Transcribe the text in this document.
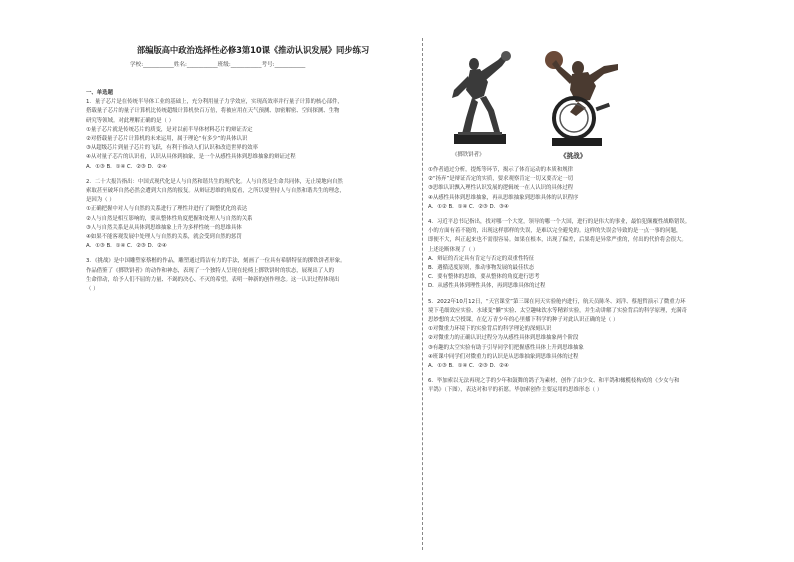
部编版高中政治选择性必修3第10课《推动认识发展》同步练习
学校:___________姓名:___________班级:___________考号:___________

一、单选题

1．量子芯片是在传统半导体工业的基础上，充分利用量子力学效应，实现高效率并行量子计算的核心部件，

搭载量子芯片的量子计算机比传统超级计算机快百万倍，将被应用在天气预测、加密解密、空间探测、生物

研究等领域。对此理解正确的是（ ）

①量子芯片就是传统芯片的质变，是对以前半导体材料芯片的辩证否定

②对搭载量子芯片计算机的未来运用，属于理论“有多少”的具体认识

③从超级芯片到量子芯片的飞跃，有利于推动人们认识和改造世界的效率

④从对量子芯片的认识看，认识从具体到抽象，是一个从感性具体到思维抽象的辩证过程

A．①③ B．①④ C．②③ D．②④

2．二十大报告指出：中国式现代化是人与自然和谐共生的现代化。人与自然是生命共同体，无止境地向自然

索取甚至破坏自然必然会遭到大自然的报复。从辩证思维的角度看，之所以要坚持人与自然和谐共生的理念，

是因为（ ）

①正确把握中对人与自然的关系进行了理性并进行了调整优化的表达

②人与自然是相互影响的，要从整体性角度把握和处理人与自然的关系

③人与自然关系是从具体到思维抽象上升为多样性统一的思维具体

④如果不能客观发展中处理人与自然的关系，就会受到自然的惩罚

A．①③ B．①④ C．②③ D．②④

3．《挑战》是中国雕塑家蔡楷的作品，雕塑通过简洁有力的手法，刻画了一位具有希腊特征的掷铁饼者形象。

作品借鉴了《掷铁饼者》的动作和神态，表现了一个独特人呈现在轮椅上掷铁饼时的状态，展现出了人的

生命律动，给予人们不屈的力量、不竭的决心、不灭的希望，表明一种新的创作理念。这一认识过程体现出

（ ）

《掷铁饼者》	《挑战》

①作者通过分析，提炼等环节，揭示了体育运动的本质和规律

②“扬弃”是辩证否定的实质，要求观察肯定一切又要否定一切

③思维认识飘入理性认识发展的逻辑统一在人认识的具体过程

④从感性具体到思维抽象，再从思维抽象到思维具体的认识程序

A．①② B．①④ C．②③ D．③④

4．习近平总书记指出，找对哪一个大宽，领导的哪一个大国，进行的是伟大的事业，最怕犯颠覆性战略错误。

小的方面有着不能的，出现这样那样的失误，是难以完全避免的。这样的失误会导致的是一点一事的问题，

即便不大，纠正起来也不需很容易。如果在根本，出现了偏差，后果将是异常严重的，付出的代价将会很大。

上述论断体现了（ ）

A．辩证的否定具有肯定与否定的双重性特征

B．遇循适度原则，推动事物发展的最佳状态

C．要有整体的思维，要从整体的角度进行思考

D．从感性具体到理性具体，再到思维具体的过程

5．2022年10月12日，“天宫课堂”第三课在问天实验舱内进行，航天员陈冬、刘洋、蔡旭哲演示了微重力环

境下毛细效应实验、水球变“懒”实验、太空趣味饮水等精彩实验，并生动讲解了实验背后的科学原理，充满奇

思妙想的太空授课，在亿万青少年的心里播下科学的种子对此认识正确的是（ ）

①对微重力环境下的实验背后的科学理论的深刻认识

②对微重力的正确认识过程分为从感性具体到思维抽象两个阶段

③有趣的太空实验有助于引导同学们把握感性具体上升到思维抽象

④班课中同学们对微重力的认识是从思维抽象到思维具体的过程

A．①③ B．①④ C．②③ D．②④

6．毕加索以无法再现之手的少年和鼓舞的鸽子为素材，创作了由少女、和平鸽和橄榄枝构成的《少女与和

平鸽》（下图），表达对和平的祈愿。毕加索创作主要运用的思维形态（ ）
